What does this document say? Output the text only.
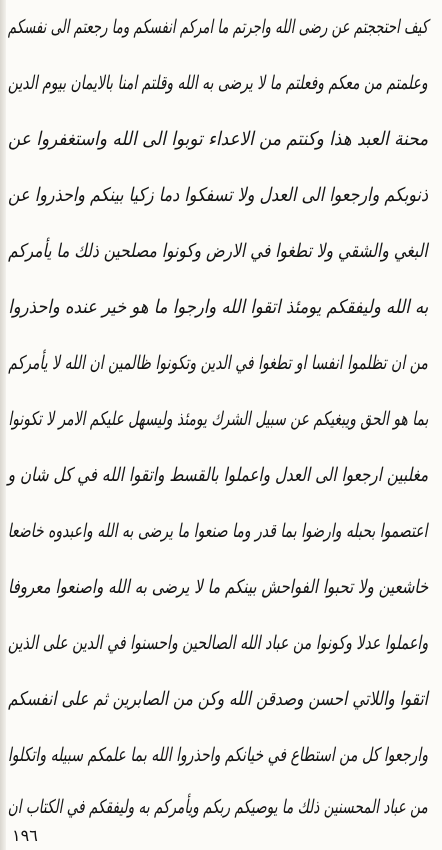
كيف احتججتم عن رضى الله واجرتم ما امركم انفسكم وما رجعتم الى نفسكم
وعلمتم من معكم وفعلتم ما لا يرضى به الله وقلتم امنا بالايمان بيوم الدين
محنة العبد هذا وكنتم من الاعداء توبوا الى الله واستغفروا عن
ذنوبكم وارجعوا الى العدل ولا تسفكوا دما زكيا بينكم واحذروا عن
البغي والشقي ولا تطغوا في الارض وكونوا مصلحين ذلك ما يأمركم
به الله وليفقكم يومئذ اتقوا الله وارجوا ما هو خير عنده واحذروا
من ان تظلموا انفسا او تطغوا في الدين وتكونوا ظالمين ان الله لا يأمركم
بما هو الحق ويبغيكم عن سبيل الشرك يومئذ وليسهل عليكم الامر لا تكونوا
مغلبين ارجعوا الى العدل واعملوا بالقسط واتقوا الله في كل شان و
اعتصموا بحبله وارضوا بما قدر وما صنعوا ما يرضى به الله واعبدوه خاضعا
خاشعين ولا تحبوا الفواحش بينكم ما لا يرضى به الله واصنعوا معروفا
واعملوا عدلا وكونوا من عباد الله الصالحين واحسنوا في الدين على الذين
اتقوا واللاتي احسن وصدقن الله وكن من الصابرين ثم على انفسكم
وارجعوا كل من استطاع في خيانكم واحذروا الله بما علمكم سبيله واتكلوا
من عباد المحسنين ذلك ما يوصيكم ربكم ويأمركم به وليفقكم في الكتاب ان
١٩٦
